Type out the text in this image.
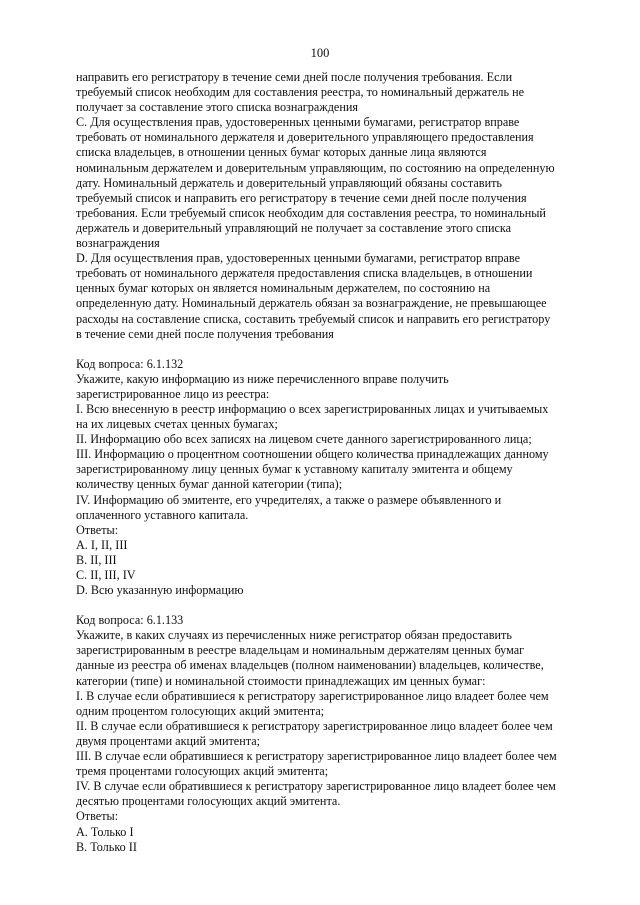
100
направить его регистратору в течение семи дней после получения требования. Если
требуемый список необходим для составления реестра, то номинальный держатель не
получает за составление этого списка вознаграждения
C. Для осуществления прав, удостоверенных ценными бумагами, регистратор вправе
требовать от номинального держателя и доверительного управляющего предоставления
списка владельцев, в отношении ценных бумаг которых данные лица являются
номинальным держателем и доверительным управляющим, по состоянию на определенную
дату. Номинальный держатель и доверительный управляющий обязаны составить
требуемый список и направить его регистратору в течение семи дней после получения
требования. Если требуемый список необходим для составления реестра, то номинальный
держатель и доверительный управляющий не получает за составление этого списка
вознаграждения
D. Для осуществления прав, удостоверенных ценными бумагами, регистратор вправе
требовать от номинального держателя предоставления списка владельцев, в отношении
ценных бумаг которых он является номинальным держателем, по состоянию на
определенную дату. Номинальный держатель обязан за вознаграждение, не превышающее
расходы на составление списка, составить требуемый список и направить его регистратору
в течение семи дней после получения требования
Код вопроса: 6.1.132
Укажите, какую информацию из ниже перечисленного вправе получить
зарегистрированное лицо из реестра:
I. Всю внесенную в реестр информацию о всех зарегистрированных лицах и учитываемых
на их лицевых счетах ценных бумагах;
II. Информацию обо всех записях на лицевом счете данного зарегистрированного лица;
III. Информацию о процентном соотношении общего количества принадлежащих данному
зарегистрированному лицу ценных бумаг к уставному капиталу эмитента и общему
количеству ценных бумаг данной категории (типа);
IV. Информацию об эмитенте, его учредителях, а также о размере объявленного и
оплаченного уставного капитала.
Ответы:
A. I, II, III
B. II, III
C. II, III, IV
D. Всю указанную информацию
Код вопроса: 6.1.133
Укажите, в каких случаях из перечисленных ниже регистратор обязан предоставить
зарегистрированным в реестре владельцам и номинальным держателям ценных бумаг
данные из реестра об именах владельцев (полном наименовании) владельцев, количестве,
категории (типе) и номинальной стоимости принадлежащих им ценных бумаг:
I. В случае если обратившиеся к регистратору зарегистрированное лицо владеет более чем
одним процентом голосующих акций эмитента;
II. В случае если обратившиеся к регистратору зарегистрированное лицо владеет более чем
двумя процентами акций эмитента;
III. В случае если обратившиеся к регистратору зарегистрированное лицо владеет более чем
тремя процентами голосующих акций эмитента;
IV. В случае если обратившиеся к регистратору зарегистрированное лицо владеет более чем
десятью процентами голосующих акций эмитента.
Ответы:
A. Только I
B. Только II
